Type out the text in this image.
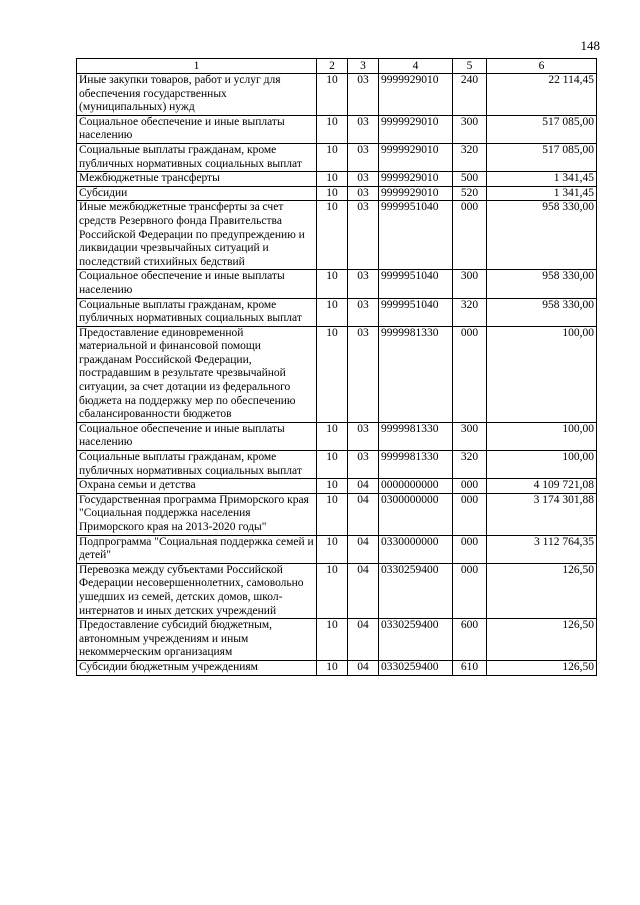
148
1	2	3	4	5	6
Иные закупки товаров, работ и услуг для обеспечения государственных (муниципальных) нужд	10	03	9999929010	240	22 114,45
Социальное обеспечение и иные выплаты населению	10	03	9999929010	300	517 085,00
Социальные выплаты гражданам, кроме публичных нормативных социальных выплат	10	03	9999929010	320	517 085,00
Межбюджетные трансферты	10	03	9999929010	500	1 341,45
Субсидии	10	03	9999929010	520	1 341,45
Иные межбюджетные трансферты за счет средств Резервного фонда Правительства Российской Федерации по предупреждению и ликвидации чрезвычайных ситуаций и последствий стихийных бедствий	10	03	9999951040	000	958 330,00
Социальное обеспечение и иные выплаты населению	10	03	9999951040	300	958 330,00
Социальные выплаты гражданам, кроме публичных нормативных социальных выплат	10	03	9999951040	320	958 330,00
Предоставление единовременной материальной и финансовой помощи гражданам Российской Федерации, пострадавшим в результате чрезвычайной ситуации, за счет дотации из федерального бюджета на поддержку мер по обеспечению сбалансированности бюджетов	10	03	9999981330	000	100,00
Социальное обеспечение и иные выплаты населению	10	03	9999981330	300	100,00
Социальные выплаты гражданам, кроме публичных нормативных социальных выплат	10	03	9999981330	320	100,00
Охрана семьи и детства	10	04	0000000000	000	4 109 721,08
Государственная программа Приморского края "Социальная поддержка населения Приморского края на 2013-2020 годы"	10	04	0300000000	000	3 174 301,88
Подпрограмма "Социальная поддержка семей и детей"	10	04	0330000000	000	3 112 764,35
Перевозка между субъектами Российской Федерации несовершеннолетних, самовольно ушедших из семей, детских домов, школ-интернатов и иных детских учреждений	10	04	0330259400	000	126,50
Предоставление субсидий бюджетным, автономным учреждениям и иным некоммерческим организациям	10	04	0330259400	600	126,50
Субсидии бюджетным учреждениям	10	04	0330259400	610	126,50
